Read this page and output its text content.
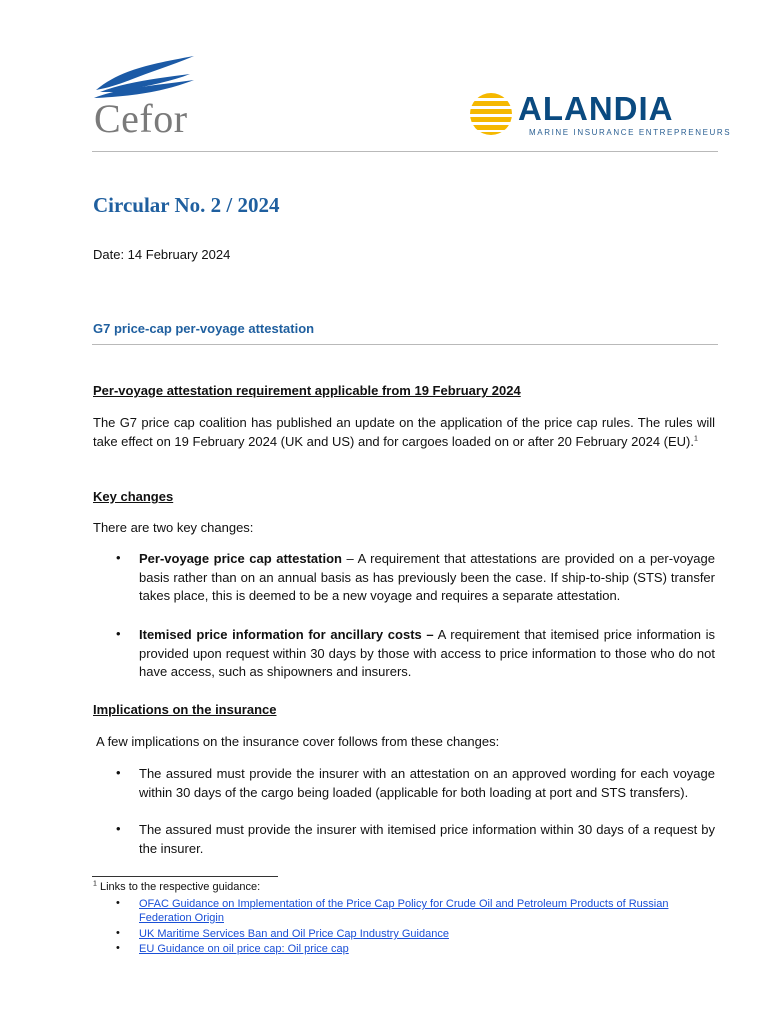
Cefor	ALANDIA
MARINE INSURANCE ENTREPRENEURS
Circular No. 2 / 2024
Date: 14 February 2024
G7 price-cap per-voyage attestation
Per-voyage attestation requirement applicable from 19 February 2024
The G7 price cap coalition has published an update on the application of the price cap rules. The rules will take effect on 19 February 2024 (UK and US) and for cargoes loaded on or after 20 February 2024 (EU).$^1$
Key changes
There are two key changes:
• Per-voyage price cap attestation – A requirement that attestations are provided on a per-voyage basis rather than on an annual basis as has previously been the case. If ship-to-ship (STS) transfer takes place, this is deemed to be a new voyage and requires a separate attestation.
• Itemised price information for ancillary costs – A requirement that itemised price information is provided upon request within 30 days by those with access to price information to those who do not have access, such as shipowners and insurers.
Implications on the insurance
A few implications on the insurance cover follows from these changes:
• The assured must provide the insurer with an attestation on an approved wording for each voyage within 30 days of the cargo being loaded (applicable for both loading at port and STS transfers).
• The assured must provide the insurer with itemised price information within 30 days of a request by the insurer.
$^1$ Links to the respective guidance:
• OFAC Guidance on Implementation of the Price Cap Policy for Crude Oil and Petroleum Products of Russian Federation Origin
• UK Maritime Services Ban and Oil Price Cap Industry Guidance
• EU Guidance on oil price cap: Oil price cap
